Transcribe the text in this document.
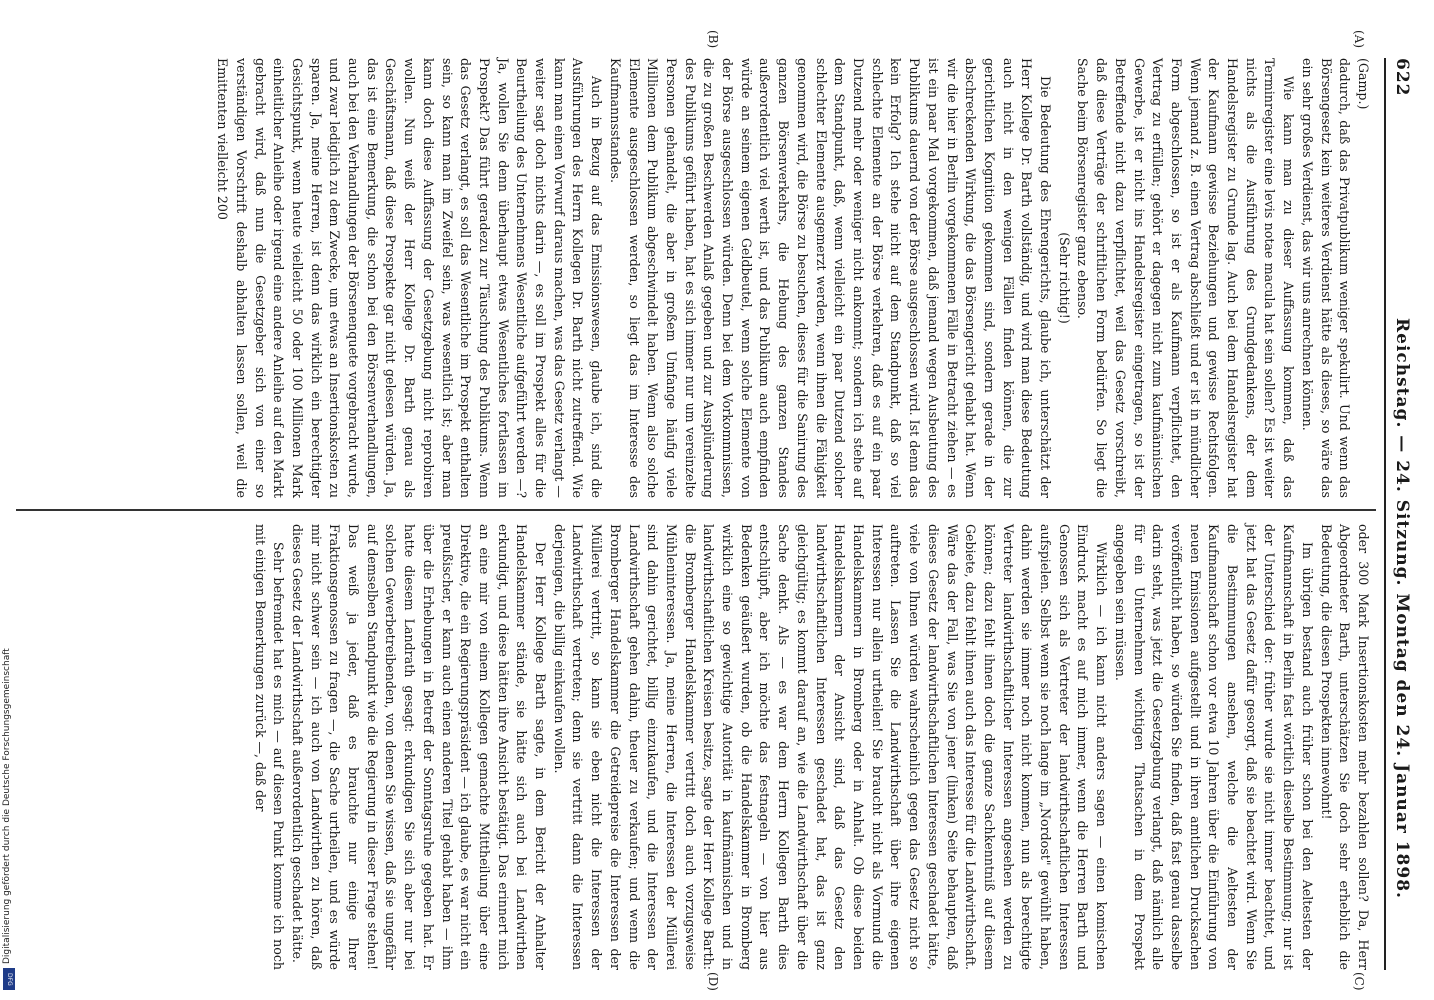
622
Reichstag. — 24. Sitzung. Montag den 24. Januar 1898.
(A)
(B)
(C)
(D)

(Gamp.)

dadurch, daß das Privatpublikum weniger spekulirt. Und wenn das Börsengesetz kein weiteres Verdienst hätte als dieses, so wäre das ein sehr großes Verdienst, das wir uns anrechnen können.

Wie kann man zu dieser Auffassung kommen, daß das Terminregister eine levis notae macula hat sein sollen? Es ist weiter nichts als die Ausführung des Grundgedankens, der dem Handelsregister zu Grunde lag. Auch bei dem Handelsregister hat der Kaufmann gewisse Beziehungen und gewisse Rechtsfolgen. Wenn jemand z. B. einen Vertrag abschließt und er ist in mündlicher Form abgeschlossen, so ist er als Kaufmann verpflichtet, den Vertrag zu erfüllen; gehört er dagegen nicht zum kaufmännischen Gewerbe, ist er nicht ins Handelsregister eingetragen, so ist der Betreffende nicht dazu verpflichtet, weil das Gesetz vorschreibt, daß diese Verträge der schriftlichen Form bedürfen. So liegt die Sache beim Börsenregister ganz ebenso.

(Sehr richtig!)

Die Bedeutung des Ehrengerichts, glaube ich, unterschätzt der Herr Kollege Dr. Barth vollständig, und wird man diese Bedeutung auch nicht in den wenigen Fällen finden können, die zur gerichtlichen Kognition gekommen sind, sondern gerade in der abschreckenden Wirkung, die das Börsengericht gehabt hat. Wenn wir die hier in Berlin vorgekommenen Fälle in Betracht ziehen — es ist ein paar Mal vorgekommen, daß jemand wegen Ausbeutung des Publikums dauernd von der Börse ausgeschlossen wird. Ist denn das kein Erfolg? Ich stehe nicht auf dem Standpunkt, daß so viel schlechte Elemente an der Börse verkehren, daß es auf ein paar Dutzend mehr oder weniger nicht ankommt; sondern ich stehe auf dem Standpunkt, daß, wenn vielleicht ein paar Dutzend solcher schlechter Elemente ausgemerzt werden, wenn ihnen die Fähigkeit genommen wird, die Börse zu besuchen, dieses für die Sanirung des ganzen Börsenverkehrs, die Hebung des ganzen Standes außerordentlich viel werth ist, und das Publikum auch empfinden würde an seinem eigenen Geldbeutel, wenn solche Elemente von der Börse ausgeschlossen würden. Denn bei dem Vorkommnissen, die zu großen Beschwerden Anlaß gegeben und zur Ausplünderung des Publikums geführt haben, hat es sich immer nur um vereinzelte Personen gehandelt, die aber in großem Umfange häufig viele Millionen dem Publikum abgeschwindelt haben. Wenn also solche Elemente ausgeschlossen werden, so liegt das im Interesse des Kaufmannsstandes.

Auch in Bezug auf das Emissionswesen, glaube ich, sind die Ausführungen des Herrn Kollegen Dr. Barth nicht zutreffend. Wie kann man einen Vorwurf daraus machen, was das Gesetz verlangt — weiter sagt doch nichts darin —, es soll im Prospekt alles für die Beurtheilung des Unternehmens Wesentliche aufgeführt werden —? Ja, wollen Sie denn überhaupt etwas Wesentliches fortlassen im Prospekt? Das führt geradezu zur Täuschung des Publikums. Wenn das Gesetz verlangt, es soll das Wesentliche im Prospekt enthalten sein, so kann man im Zweifel sein, was wesentlich ist; aber man kann doch diese Auffassung der Gesetzgebung nicht reprobiren wollen. Nun weiß der Herr Kollege Dr. Barth genau als Geschäftsmann, daß diese Prospekte gar nicht gelesen würden. Ja, das ist eine Bemerkung, die schon bei den Börsenverhandlungen, auch bei den Verhandlungen der Börsenenquete vorgebracht wurde, und zwar lediglich zu dem Zwecke, um etwas an Insertionskosten zu sparen. Ja, meine Herren, ist denn das wirklich ein berechtigter Gesichtspunkt, wenn heute vielleicht 50 oder 100 Millionen Mark einheitlicher Anleihe oder irgend eine andere Anleihe auf den Markt gebracht wird, daß nun die Gesetzgeber sich von einer so verständigen Vorschrift deshalb abhalten lassen sollen, weil die Emittenten vielleicht 200

oder 300 Mark Insertionskosten mehr bezahlen sollen? Da, Herr Abgeordneter Barth, unterschätzen Sie doch sehr erheblich die Bedeutung, die diesen Prospekten innewohnt!

Im übrigen bestand auch früher schon bei den Aeltesten der Kaufmannschaft in Berlin fast wörtlich dieselbe Bestimmung; nur ist der Unterschied der: früher wurde sie nicht immer beachtet, und jetzt hat das Gesetz dafür gesorgt, daß sie beachtet wird. Wenn Sie die Bestimmungen ansehen, welche die Aeltesten der Kaufmannschaft schon vor etwa 10 Jahren über die Einführung von neuen Emissionen aufgestellt und in ihren amtlichen Drucksachen veröffentlicht haben, so würden Sie finden, daß fast genau dasselbe darin steht, was jetzt die Gesetzgebung verlangt, daß nämlich alle für ein Unternehmen wichtigen Thatsachen in dem Prospekt angegeben sein müssen.

Wirklich — ich kann nicht anders sagen — einen komischen Eindruck macht es auf mich immer, wenn die Herren Barth und Genossen sich als Vertreter der landwirthschaftlichen Interessen aufspielen. Selbst wenn sie noch lange im „Nordost" gewühlt haben, dahin werden sie immer noch nicht kommen, nun als berechtigte Vertreter landwirthschaftlicher Interessen angesehen werden zu können; dazu fehlt ihnen doch die ganze Sachkenntniß auf diesem Gebiete, dazu fehlt ihnen auch das Interesse für die Landwirthschaft. Wäre das der Fall, was Sie von jener (linken) Seite behaupten, daß dieses Gesetz der landwirthschaftlichen Interessen geschadet hätte, viele von Ihnen würden wahrscheinlich gegen das Gesetz nicht so auftreten. Lassen Sie die Landwirthschaft über ihre eigenen Interessen nur allein urtheilen! Sie braucht nicht als Vormund die Handelskammern in Bromberg oder in Anhalt. Ob diese beiden Handelskammern der Ansicht sind, daß das Gesetz den landwirthschaftlichen Interessen geschadet hat, das ist ganz gleichgültig; es kommt darauf an, wie die Landwirthschaft über die Sache denkt. Als — es war dem Herrn Kollegen Barth dies entschlüpft, aber ich möchte das festnageln — von hier aus Bedenken geäußert wurden, ob die Handelskammer in Bromberg wirklich eine so gewichtige Autorität in kaufmännischen und in landwirthschaftlichen Kreisen besitze, sagte der Herr Kollege Barth: die Bromberger Handelskammer vertritt doch auch vorzugsweise Mühleninteressen. Ja, meine Herren, die Interessen der Müllerei sind dahin gerichtet, billig einzukaufen, und die Interessen der Landwirthschaft gehen dahin, theuer zu verkaufen; und wenn die Bromberger Handelskammer die Getreidepreise die Interessen der Müllerei vertritt, so kann sie eben nicht die Interessen der Landwirthschaft vertreten; denn sie vertritt dann die Interessen derjenigen, die billig einkaufen wollen.

Der Herr Kollege Barth sagte, in dem Bericht der Anhalter Handelskammer stände, sie hätte sich auch bei Landwirthen erkundigt, und diese hätten ihre Ansicht bestätigt. Das erinnert mich an eine mir von einem Kollegen gemachte Mittheilung über eine Direktive, die ein Regierungspräsident — ich glaube, es war nicht ein preußischer, er kann auch einen anderen Titel gehabt haben — ihm über die Erhebungen in Betreff der Sonntagsruhe gegeben hat. Er hatte diesem Landrath gesagt: erkundigen Sie sich aber nur bei solchen Gewerbetreibenden, von denen Sie wissen, daß sie ungefähr auf demselben Standpunkt wie die Regierung in dieser Frage stehen! Das weiß ja jeder, daß es brauchte nur einige Ihrer Fraktionsgenossen zu fragen —, die Sache urtheilen, und es würde mir nicht schwer sein — ich auch von Landwirthen zu hören, daß dieses Gesetz der Landwirthschaft außerordentlich geschadet hätte.

Sehr befremdet hat es mich — auf diesen Punkt komme ich noch mit einigen Bemerkungen zurück —, daß der

Digitalisierung gefördert durch die Deutsche Forschungsgemeinschaft
DFG
